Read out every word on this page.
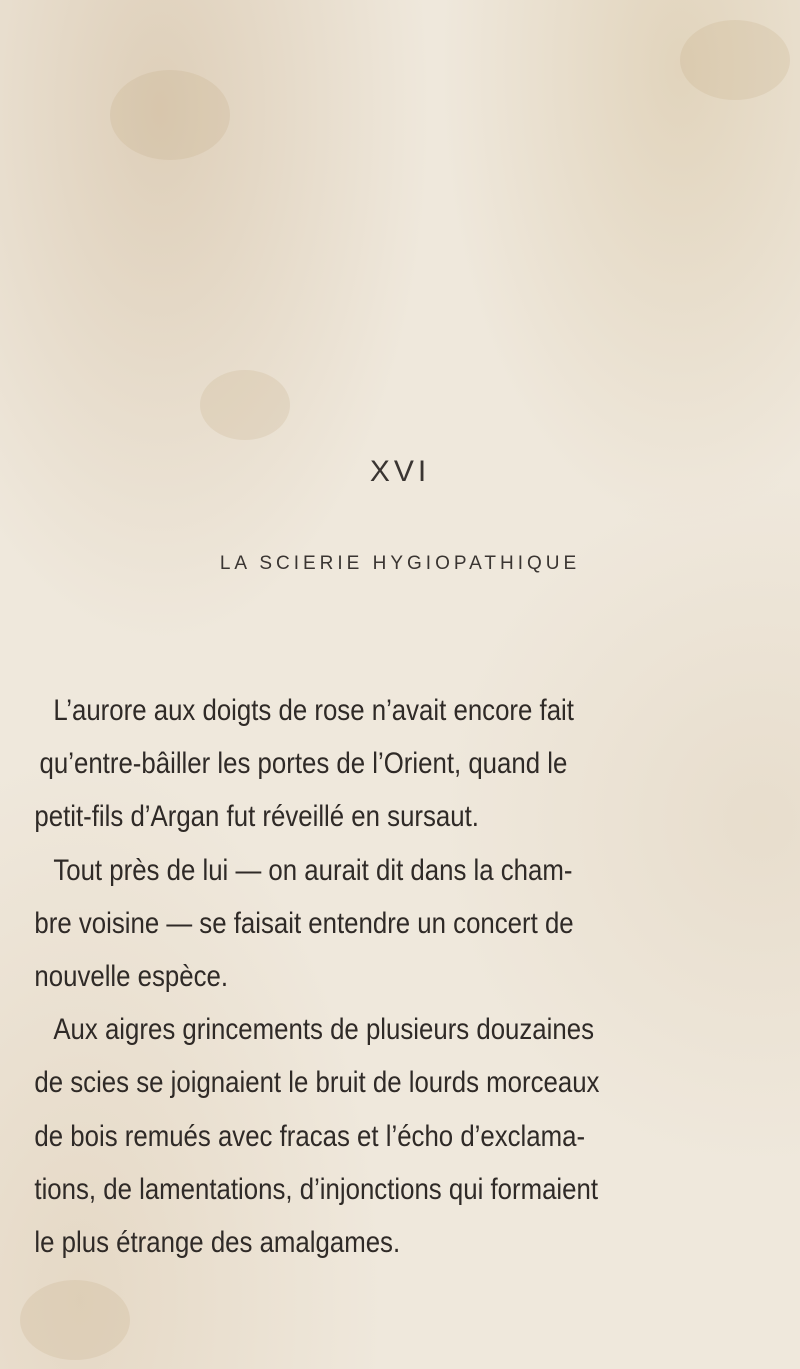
XVI
LA SCIERIE HYGIOPATHIQUE
L’aurore aux doigts de rose n’avait encore fait
qu’entre-bâiller les portes de l’Orient, quand le
petit-fils d’Argan fut réveillé en sursaut.
Tout près de lui — on aurait dit dans la cham-
bre voisine — se faisait entendre un concert de
nouvelle espèce.
Aux aigres grincements de plusieurs douzaines
de scies se joignaient le bruit de lourds morceaux
de bois remués avec fracas et l’écho d’exclama-
tions, de lamentations, d’injonctions qui formaient
le plus étrange des amalgames.
